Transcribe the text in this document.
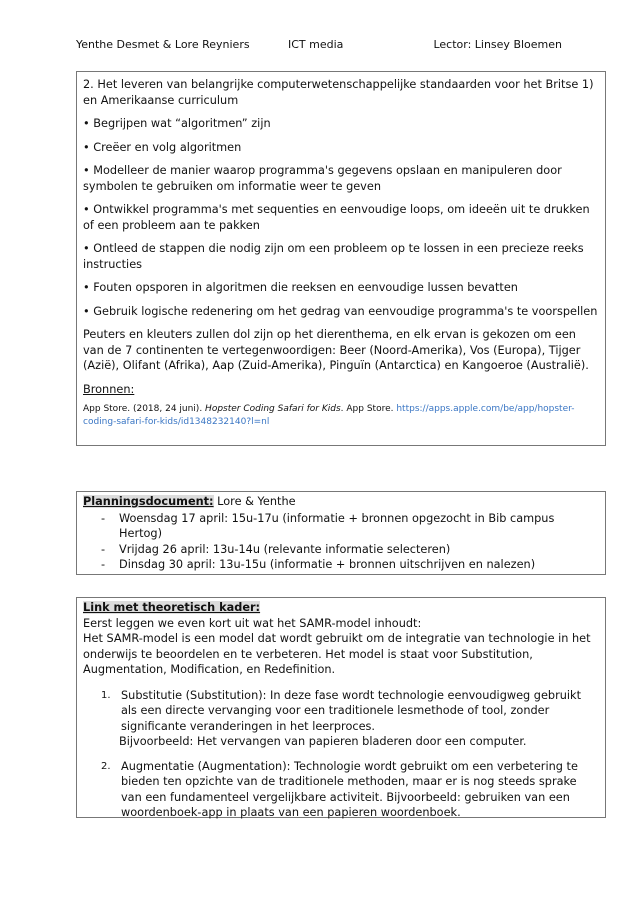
Yenthe Desmet & Lore Reyniers	ICT media	Lector: Linsey Bloemen

2. Het leveren van belangrijke computerwetenschappelijke standaarden voor het Britse 1) en Amerikaanse curriculum

• Begrijpen wat “algoritmen” zijn

• Creëer en volg algoritmen

• Modelleer de manier waarop programma's gegevens opslaan en manipuleren door symbolen te gebruiken om informatie weer te geven

• Ontwikkel programma's met sequenties en eenvoudige loops, om ideeën uit te drukken of een probleem aan te pakken

• Ontleed de stappen die nodig zijn om een probleem op te lossen in een precieze reeks instructies

• Fouten opsporen in algoritmen die reeksen en eenvoudige lussen bevatten

• Gebruik logische redenering om het gedrag van eenvoudige programma's te voorspellen

Peuters en kleuters zullen dol zijn op het dierenthema, en elk ervan is gekozen om een van de 7 continenten te vertegenwoordigen: Beer (Noord-Amerika), Vos (Europa), Tijger (Azië), Olifant (Afrika), Aap (Zuid-Amerika), Pinguïn (Antarctica) en Kangoeroe (Australië).

Bronnen:

App Store. (2018, 24 juni). Hopster Coding Safari for Kids. App Store. https://apps.apple.com/be/app/hopster-coding-safari-for-kids/id1348232140?l=nl

Planningsdocument: Lore & Yenthe
- Woensdag 17 april: 15u-17u (informatie + bronnen opgezocht in Bib campus Hertog)
- Vrijdag 26 april: 13u-14u (relevante informatie selecteren)
- Dinsdag 30 april: 13u-15u (informatie + bronnen uitschrijven en nalezen)
Link met theoretisch kader:

Eerst leggen we even kort uit wat het SAMR-model inhoudt:

Het SAMR-model is een model dat wordt gebruikt om de integratie van technologie in het onderwijs te beoordelen en te verbeteren. Het model is staat voor Substitution, Augmentation, Modification, en Redefinition.

1. Substitutie (Substitution): In deze fase wordt technologie eenvoudigweg gebruikt als een directe vervanging voor een traditionele lesmethode of tool, zonder significante veranderingen in het leerproces.
Bijvoorbeeld: Het vervangen van papieren bladeren door een computer.
2. Augmentatie (Augmentation): Technologie wordt gebruikt om een verbetering te bieden ten opzichte van de traditionele methoden, maar er is nog steeds sprake van een fundamenteel vergelijkbare activiteit. Bijvoorbeeld: gebruiken van een woordenboek-app in plaats van een papieren woordenboek.
